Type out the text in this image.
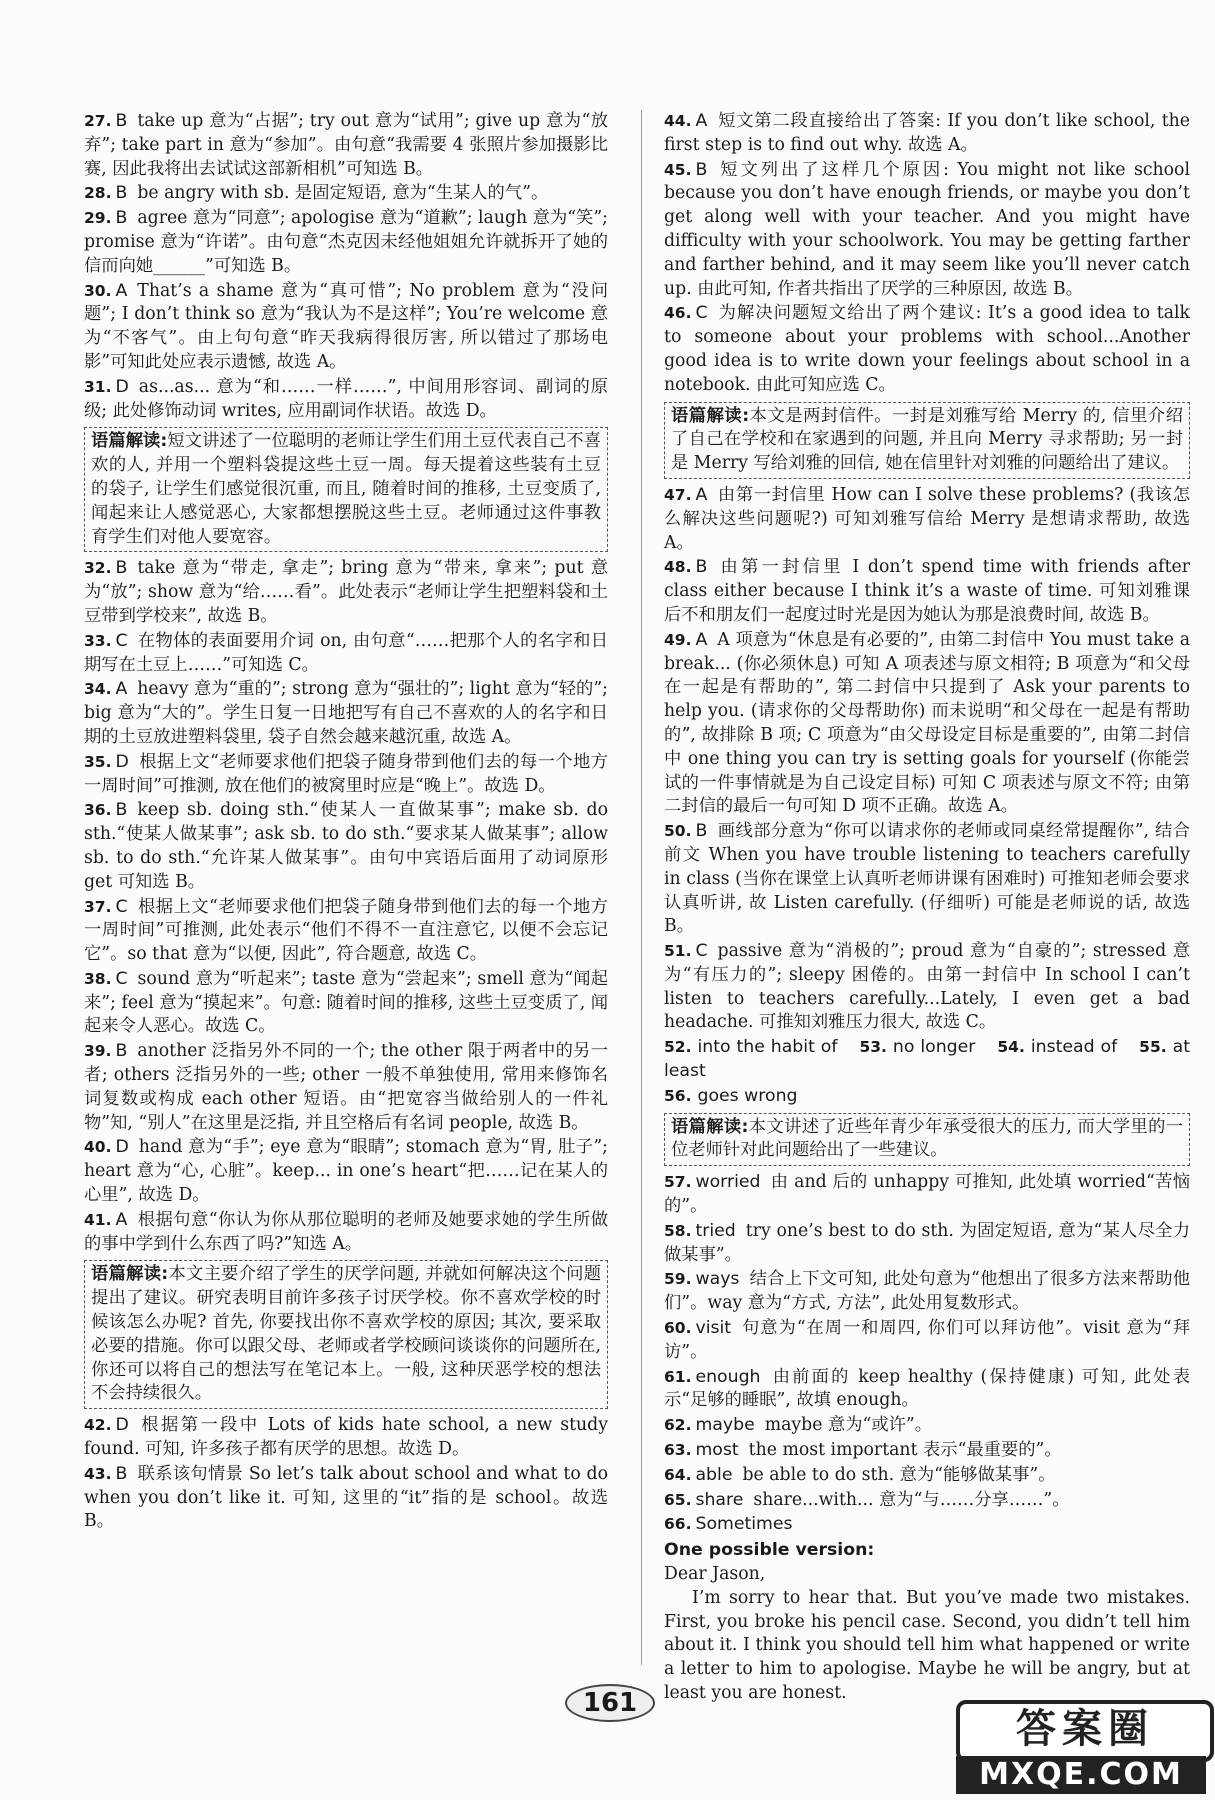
27. B take up 意为“占据”; try out 意为“试用”; give up 意为“放弃”; take part in 意为“参加”。由句意“我需要 4 张照片参加摄影比赛, 因此我将出去试试这部新相机”可知选 B。
28. B be angry with sb. 是固定短语, 意为“生某人的气”。
29. B agree 意为“同意”; apologise 意为“道歉”; laugh 意为“笑”; promise 意为“许诺”。由句意“杰克因未经他姐姐允许就拆开了她的信而向她______”可知选 B。
30. A That’s a shame 意为“真可惜”; No problem 意为“没问题”; I don’t think so 意为“我认为不是这样”; You’re welcome 意为“不客气”。由上句句意“昨天我病得很厉害, 所以错过了那场电影”可知此处应表示遗憾, 故选 A。
31. D as...as... 意为“和……一样……”, 中间用形容词、副词的原级; 此处修饰动词 writes, 应用副词作状语。故选 D。
语篇解读:短文讲述了一位聪明的老师让学生们用土豆代表自己不喜欢的人, 并用一个塑料袋提这些土豆一周。每天提着这些装有土豆的袋子, 让学生们感觉很沉重, 而且, 随着时间的推移, 土豆变质了, 闻起来让人感觉恶心, 大家都想摆脱这些土豆。老师通过这件事教育学生们对他人要宽容。
32. B take 意为“带走, 拿走”; bring 意为“带来, 拿来”; put 意为“放”; show 意为“给……看”。此处表示“老师让学生把塑料袋和土豆带到学校来”, 故选 B。
33. C 在物体的表面要用介词 on, 由句意“……把那个人的名字和日期写在土豆上……”可知选 C。
34. A heavy 意为“重的”; strong 意为“强壮的”; light 意为“轻的”; big 意为“大的”。学生日复一日地把写有自己不喜欢的人的名字和日期的土豆放进塑料袋里, 袋子自然会越来越沉重, 故选 A。
35. D 根据上文“老师要求他们把袋子随身带到他们去的每一个地方一周时间”可推测, 放在他们的被窝里时应是“晚上”。故选 D。
36. B keep sb. doing sth.“使某人一直做某事”; make sb. do sth.“使某人做某事”; ask sb. to do sth.“要求某人做某事”; allow sb. to do sth.“允许某人做某事”。由句中宾语后面用了动词原形 get 可知选 B。
37. C 根据上文“老师要求他们把袋子随身带到他们去的每一个地方一周时间”可推测, 此处表示“他们不得不一直注意它, 以便不会忘记它”。so that 意为“以便, 因此”, 符合题意, 故选 C。
38. C sound 意为“听起来”; taste 意为“尝起来”; smell 意为“闻起来”; feel 意为“摸起来”。句意: 随着时间的推移, 这些土豆变质了, 闻起来令人恶心。故选 C。
39. B another 泛指另外不同的一个; the other 限于两者中的另一者; others 泛指另外的一些; other 一般不单独使用, 常用来修饰名词复数或构成 each other 短语。由“把宽容当做给别人的一件礼物”知, “别人”在这里是泛指, 并且空格后有名词 people, 故选 B。
40. D hand 意为“手”; eye 意为“眼睛”; stomach 意为“胃, 肚子”; heart 意为“心, 心脏”。keep... in one’s heart“把……记在某人的心里”, 故选 D。
41. A 根据句意“你认为你从那位聪明的老师及她要求她的学生所做的事中学到什么东西了吗?”知选 A。
语篇解读:本文主要介绍了学生的厌学问题, 并就如何解决这个问题提出了建议。研究表明目前许多孩子讨厌学校。你不喜欢学校的时候该怎么办呢? 首先, 你要找出你不喜欢学校的原因; 其次, 要采取必要的措施。你可以跟父母、老师或者学校顾问谈谈你的问题所在, 你还可以将自己的想法写在笔记本上。一般, 这种厌恶学校的想法不会持续很久。
42. D 根据第一段中 Lots of kids hate school, a new study found. 可知, 许多孩子都有厌学的思想。故选 D。
43. B 联系该句情景 So let’s talk about school and what to do when you don’t like it. 可知, 这里的“it”指的是 school。故选 B。
44. A 短文第二段直接给出了答案: If you don’t like school, the first step is to find out why. 故选 A。
45. B 短文列出了这样几个原因: You might not like school because you don’t have enough friends, or maybe you don’t get along well with your teacher. And you might have difficulty with your schoolwork. You may be getting farther and farther behind, and it may seem like you’ll never catch up. 由此可知, 作者共指出了厌学的三种原因, 故选 B。
46. C 为解决问题短文给出了两个建议: It’s a good idea to talk to someone about your problems with school...Another good idea is to write down your feelings about school in a notebook. 由此可知应选 C。
语篇解读:本文是两封信件。一封是刘雅写给 Merry 的, 信里介绍了自己在学校和在家遇到的问题, 并且向 Merry 寻求帮助; 另一封是 Merry 写给刘雅的回信, 她在信里针对刘雅的问题给出了建议。
47. A 由第一封信里 How can I solve these problems? (我该怎么解决这些问题呢?) 可知刘雅写信给 Merry 是想请求帮助, 故选 A。
48. B 由第一封信里 I don’t spend time with friends after class either because I think it’s a waste of time. 可知刘雅课后不和朋友们一起度过时光是因为她认为那是浪费时间, 故选 B。
49. A A 项意为“休息是有必要的”, 由第二封信中 You must take a break... (你必须休息) 可知 A 项表述与原文相符; B 项意为“和父母在一起是有帮助的”, 第二封信中只提到了 Ask your parents to help you. (请求你的父母帮助你) 而未说明“和父母在一起是有帮助的”, 故排除 B 项; C 项意为“由父母设定目标是重要的”, 由第二封信中 one thing you can try is setting goals for yourself (你能尝试的一件事情就是为自己设定目标) 可知 C 项表述与原文不符; 由第二封信的最后一句可知 D 项不正确。故选 A。
50. B 画线部分意为“你可以请求你的老师或同桌经常提醒你”, 结合前文 When you have trouble listening to teachers carefully in class (当你在课堂上认真听老师讲课有困难时) 可推知老师会要求认真听讲, 故 Listen carefully. (仔细听) 可能是老师说的话, 故选 B。
51. C passive 意为“消极的”; proud 意为“自豪的”; stressed 意为“有压力的”; sleepy 困倦的。由第一封信中 In school I can’t listen to teachers carefully...Lately, I even get a bad headache. 可推知刘雅压力很大, 故选 C。
52. into the habit of 53. no longer 54. instead of 55. at least
56. goes wrong
语篇解读:本文讲述了近些年青少年承受很大的压力, 而大学里的一位老师针对此问题给出了一些建议。
57. worried 由 and 后的 unhappy 可推知, 此处填 worried“苦恼的”。
58. tried try one’s best to do sth. 为固定短语, 意为“某人尽全力做某事”。
59. ways 结合上下文可知, 此处句意为“他想出了很多方法来帮助他们”。way 意为“方式, 方法”, 此处用复数形式。
60. visit 句意为“在周一和周四, 你们可以拜访他”。visit 意为“拜访”。
61. enough 由前面的 keep healthy (保持健康) 可知, 此处表示“足够的睡眠”, 故填 enough。
62. maybe maybe 意为“或许”。
63. most the most important 表示“最重要的”。
64. able be able to do sth. 意为“能够做某事”。
65. share share...with... 意为“与……分享……”。
66. Sometimes
One possible version:

Dear Jason,

I’m sorry to hear that. But you’ve made two mistakes. First, you broke his pencil case. Second, you didn’t tell him about it. I think you should tell him what happened or write a letter to him to apologise. Maybe he will be angry, but at least you are honest.

161
答案圈
MXQE.COM
